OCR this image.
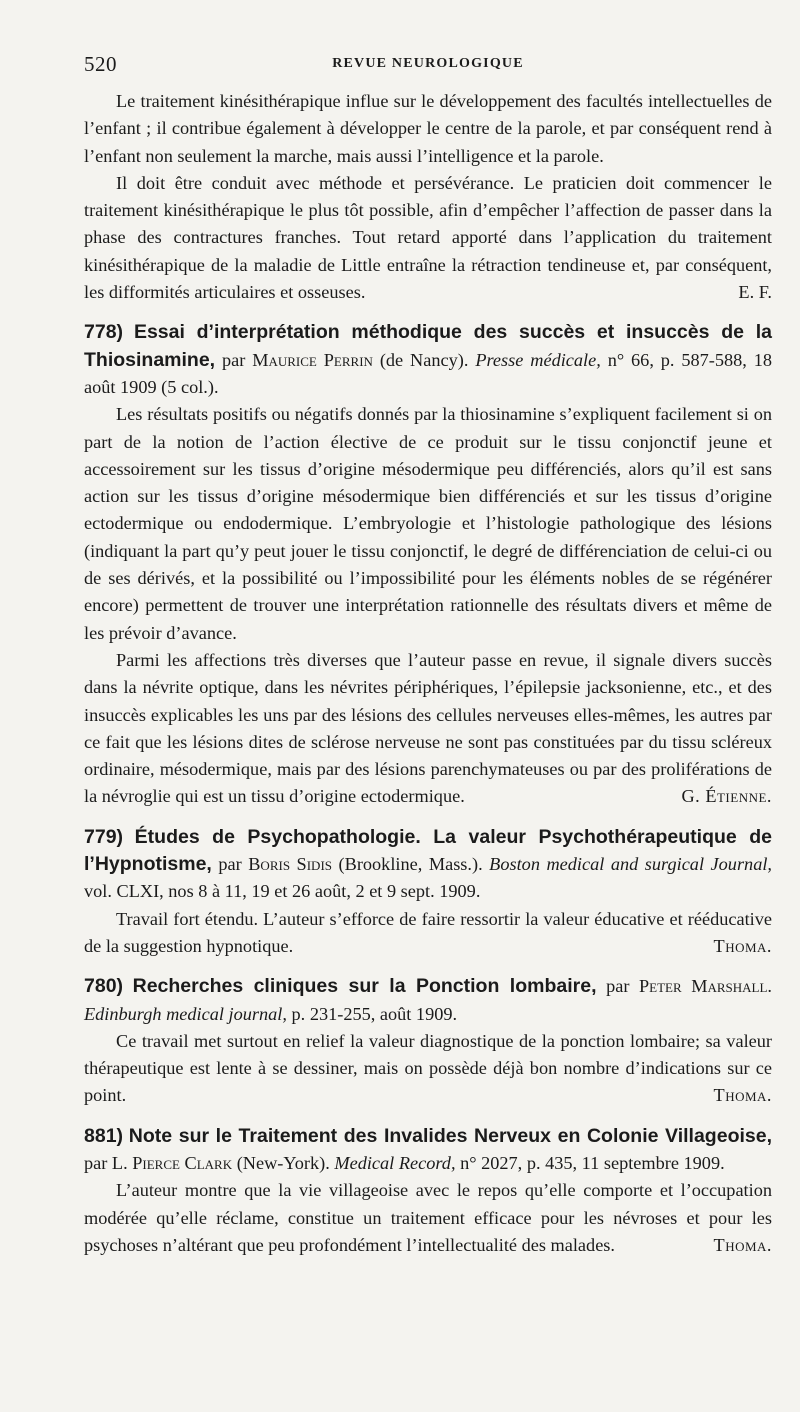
520	REVUE NEUROLOGIQUE

Le traitement kinésithérapique influe sur le développement des facultés intellectuelles de l’enfant ; il contribue également à développer le centre de la parole, et par conséquent rend à l’enfant non seulement la marche, mais aussi l’intelligence et la parole.

Il doit être conduit avec méthode et persévérance. Le praticien doit commencer le traitement kinésithérapique le plus tôt possible, afin d’empêcher l’affection de passer dans la phase des contractures franches. Tout retard apporté dans l’application du traitement kinésithérapique de la maladie de Little entraîne la rétraction tendineuse et, par conséquent, les difformités articulaires et osseuses.	E. F.

778) Essai d’interprétation méthodique des succès et insuccès de la Thiosinamine, par Maurice Perrin (de Nancy). Presse médicale, n° 66, p. 587-588, 18 août 1909 (5 col.).

Les résultats positifs ou négatifs donnés par la thiosinamine s’expliquent facilement si on part de la notion de l’action élective de ce produit sur le tissu conjonctif jeune et accessoirement sur les tissus d’origine mésodermique peu différenciés, alors qu’il est sans action sur les tissus d’origine mésodermique bien différenciés et sur les tissus d’origine ectodermique ou endodermique. L’embryologie et l’histologie pathologique des lésions (indiquant la part qu’y peut jouer le tissu conjonctif, le degré de différenciation de celui-ci ou de ses dérivés, et la possibilité ou l’impossibilité pour les éléments nobles de se régénérer encore) permettent de trouver une interprétation rationnelle des résultats divers et même de les prévoir d’avance.

Parmi les affections très diverses que l’auteur passe en revue, il signale divers succès dans la névrite optique, dans les névrites périphériques, l’épilepsie jacksonienne, etc., et des insuccès explicables les uns par des lésions des cellules nerveuses elles-mêmes, les autres par ce fait que les lésions dites de sclérose nerveuse ne sont pas constituées par du tissu scléreux ordinaire, mésodermique, mais par des lésions parenchymateuses ou par des proliférations de la névroglie qui est un tissu d’origine ectodermique.	G. Étienne.

779) Études de Psychopathologie. La valeur Psychothérapeutique de l’Hypnotisme, par Boris Sidis (Brookline, Mass.). Boston medical and surgical Journal, vol. CLXI, nos 8 à 11, 19 et 26 août, 2 et 9 sept. 1909.

Travail fort étendu. L’auteur s’efforce de faire ressortir la valeur éducative et rééducative de la suggestion hypnotique.	Thoma.

780) Recherches cliniques sur la Ponction lombaire, par Peter Marshall. Edinburgh medical journal, p. 231-255, août 1909.

Ce travail met surtout en relief la valeur diagnostique de la ponction lombaire; sa valeur thérapeutique est lente à se dessiner, mais on possède déjà bon nombre d’indications sur ce point.	Thoma.

881) Note sur le Traitement des Invalides Nerveux en Colonie Villageoise, par L. Pierce Clark (New-York). Medical Record, n° 2027, p. 435, 11 septembre 1909.

L’auteur montre que la vie villageoise avec le repos qu’elle comporte et l’occupation modérée qu’elle réclame, constitue un traitement efficace pour les névroses et pour les psychoses n’altérant que peu profondément l’intellectualité des malades.	Thoma.
